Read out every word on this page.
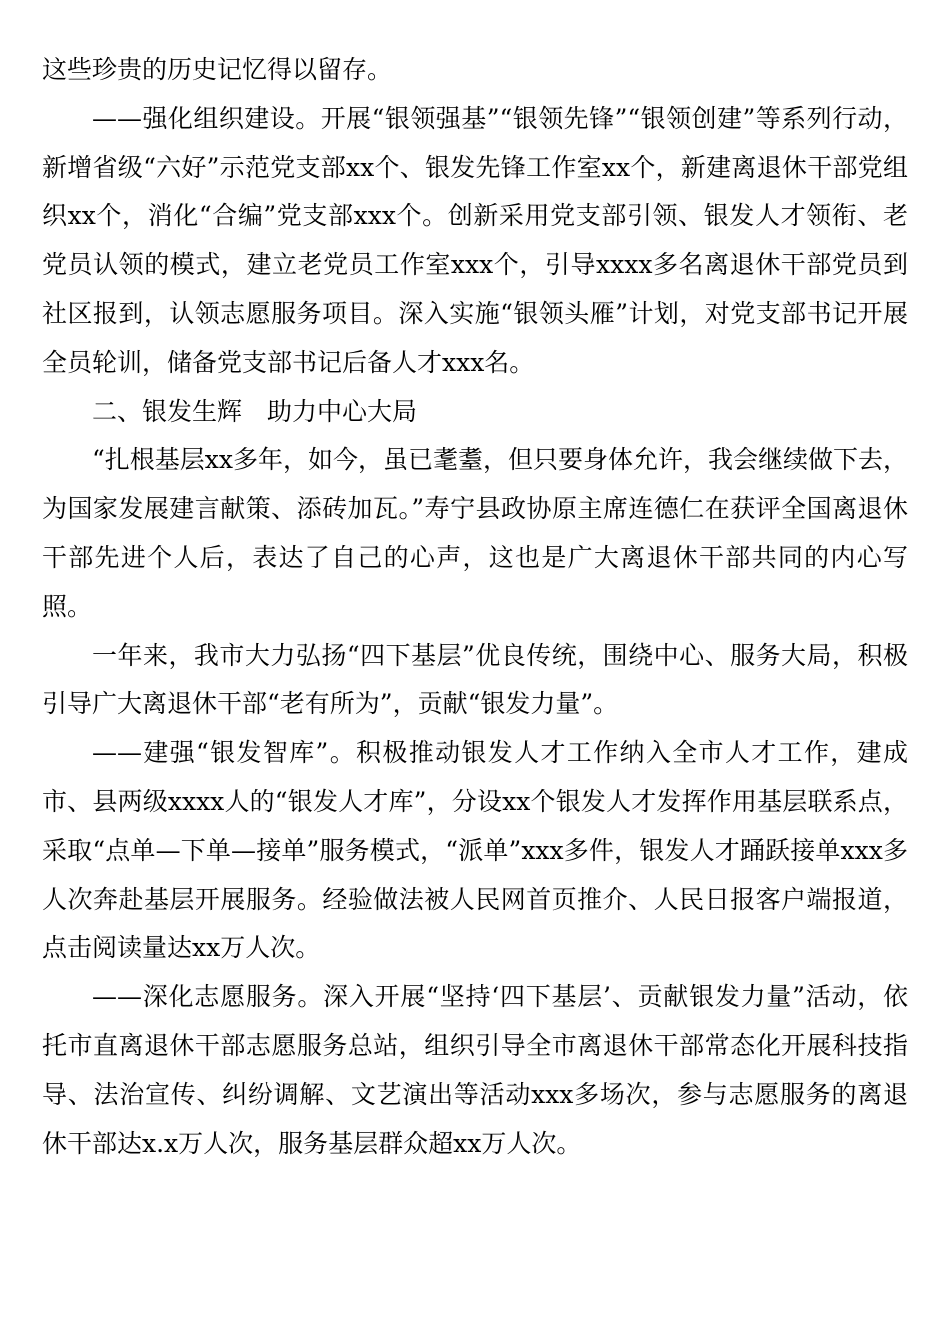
这些珍贵的历史记忆得以留存。

——强化组织建设。开展“银领强基”“银领先锋”“银领创建”等系列行动，新增省级“六好”示范党支部xx个、银发先锋工作室xx个，新建离退休干部党组织xx个，消化“合编”党支部xxx个。创新采用党支部引领、银发人才领衔、老党员认领的模式，建立老党员工作室xxx个，引导xxxx多名离退休干部党员到社区报到，认领志愿服务项目。深入实施“银领头雁”计划，对党支部书记开展全员轮训，储备党支部书记后备人才xxx名。

二、银发生辉　助力中心大局

“扎根基层xx多年，如今，虽已耄耋，但只要身体允许，我会继续做下去，为国家发展建言献策、添砖加瓦。”寿宁县政协原主席连德仁在获评全国离退休干部先进个人后，表达了自己的心声，这也是广大离退休干部共同的内心写照。

一年来，我市大力弘扬“四下基层”优良传统，围绕中心、服务大局，积极引导广大离退休干部“老有所为”，贡献“银发力量”。

——建强“银发智库”。积极推动银发人才工作纳入全市人才工作，建成市、县两级xxxx人的“银发人才库”，分设xx个银发人才发挥作用基层联系点，采取“点单—下单—接单”服务模式，“派单”xxx多件，银发人才踊跃接单xxx多人次奔赴基层开展服务。经验做法被人民网首页推介、人民日报客户端报道，点击阅读量达xx万人次。

——深化志愿服务。深入开展“坚持‘四下基层’、贡献银发力量”活动，依托市直离退休干部志愿服务总站，组织引导全市离退休干部常态化开展科技指导、法治宣传、纠纷调解、文艺演出等活动xxx多场次，参与志愿服务的离退休干部达x.x万人次，服务基层群众超xx万人次。
